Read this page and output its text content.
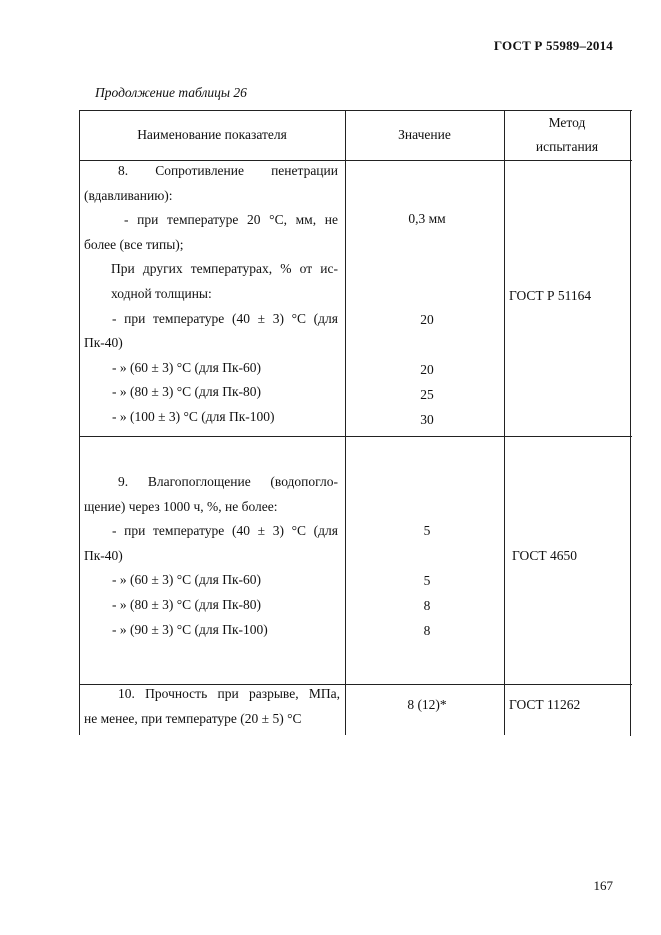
ГОСТ Р 55989–2014
Продолжение таблицы 26
Наименование показателя	Значение
Метод
испытания

8. Сопротивление пенетрации

(вдавливанию):

- при температуре 20 °С, мм, не

более (все типы);

При других температурах, % от ис-

ходной толщины:

- при температуре (40 ± 3) °С (для

Пк-40)

- » (60 ± 3) °С (для Пк-60)

- » (80 ± 3) °С (для Пк-80)

- » (100 ± 3) °С (для Пк-100)

0,3 мм
20
20
25
30
ГОСТ Р 51164

9. Влагопоглощение (водопогло-

щение) через 1000 ч, %, не более:

- при температуре (40 ± 3) °С (для

Пк-40)

- » (60 ± 3) °С (для Пк-60)

- » (80 ± 3) °С (для Пк-80)

- » (90 ± 3) °С (для Пк-100)

5
5
8
8
ГОСТ 4650

10. Прочность при разрыве, МПа,

не менее, при температуре (20 ± 5) °С

8 (12)*	ГОСТ 11262
167
